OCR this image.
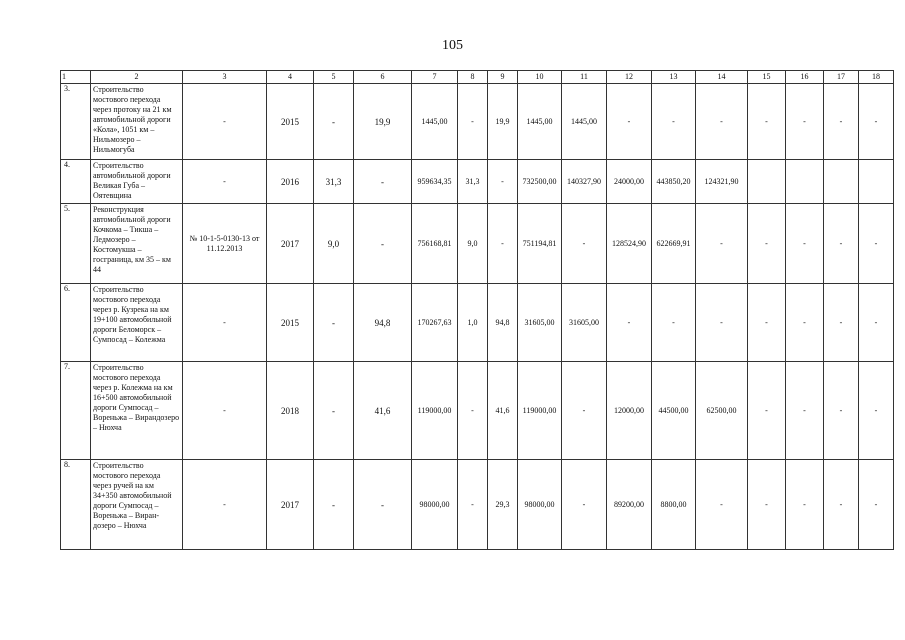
105
1	2	3	4	5	6	7	8	9	10	11	12	13	14	15	16	17	18
3.	Строительство мостового перехода через протоку на 21 км автомобильной дороги «Кола», 1051 км – Нильмозеро – Нильмогуба	-	2015	-	19,9	1445,00	-	19,9	1445,00	1445,00	-	-	-	-	-	-	-
4.	Строительство автомобильной дороги Великая Губа – Оятевщина	-	2016	31,3	-	959634,35	31,3	-	732500,00	140327,90	24000,00	443850,20	124321,90				
5.	Реконструкция автомобильной дороги Кочкома – Тикша – Ледмозеро – Костомукша – госграница, км 35 – км 44	№ 10-1-5-0130-13 от 11.12.2013	2017	9,0	-	756168,81	9,0	-	751194,81	-	128524,90	622669,91	-	-	-	-	-
6.	Строительство мостового перехода через р. Кузрека на км 19+100 автомобильной дороги Беломорск – Сумпосад – Колежма	-	2015	-	94,8	170267,63	1,0	94,8	31605,00	31605,00	-	-	-	-	-	-	-
7.	Строительство мостового перехода через р. Колежма на км 16+500 автомобильной дороги Сумпосад – Вореньжа – Вирандозеро – Нюхча	-	2018	-	41,6	119000,00	-	41,6	119000,00	-	12000,00	44500,00	62500,00	-	-	-	-
8.	Строительство мостового перехода через ручей на км 34+350 автомобильной дороги Сумпосад – Вореньжа – Виран-дозеро – Нюхча	-	2017	-	-	98000,00	-	29,3	98000,00	-	89200,00	8800,00	-	-	-	-	-
